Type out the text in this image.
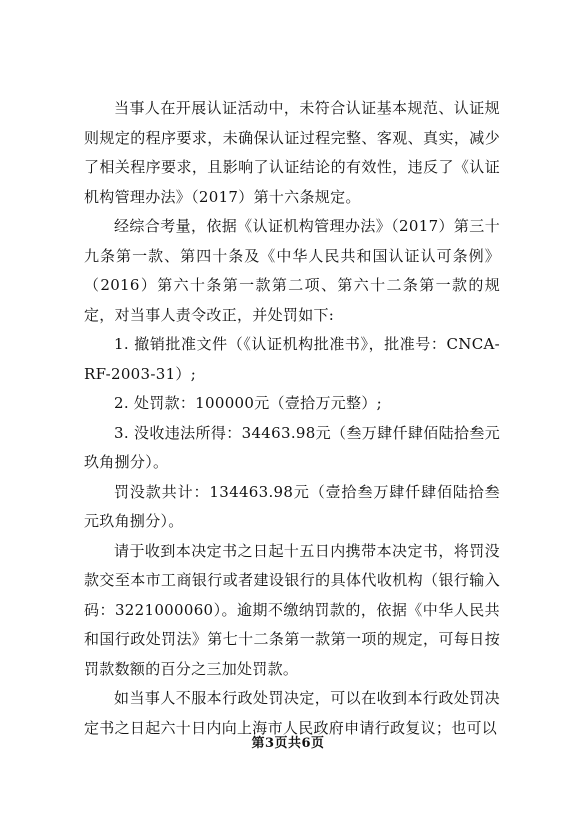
当事人在开展认证活动中，未符合认证基本规范、认证规则规定的程序要求，未确保认证过程完整、客观、真实，减少了相关程序要求，且影响了认证结论的有效性，违反了《认证机构管理办法》（2017）第十六条规定。

经综合考量，依据《认证机构管理办法》（2017）第三十九条第一款、第四十条及《中华人民共和国认证认可条例》（2016）第六十条第一款第二项、第六十二条第一款的规定，对当事人责令改正，并处罚如下:

1. 撤销批准文件（《认证机构批准书》，批准号：CNCA-RF-2003-31）;

2. 处罚款：100000元（壹拾万元整）;

3. 没收违法所得：34463.98元（叁万肆仟肆佰陆拾叁元玖角捌分）。

罚没款共计：134463.98元（壹拾叁万肆仟肆佰陆拾叁元玖角捌分）。

请于收到本决定书之日起十五日内携带本决定书，将罚没款交至本市工商银行或者建设银行的具体代收机构（银行输入码：3221000060）。逾期不缴纳罚款的，依据《中华人民共和国行政处罚法》第七十二条第一款第一项的规定，可每日按罚款数额的百分之三加处罚款。

如当事人不服本行政处罚决定，可以在收到本行政处罚决定书之日起六十日内向上海市人民政府申请行政复议；也可以

第3页共6页
